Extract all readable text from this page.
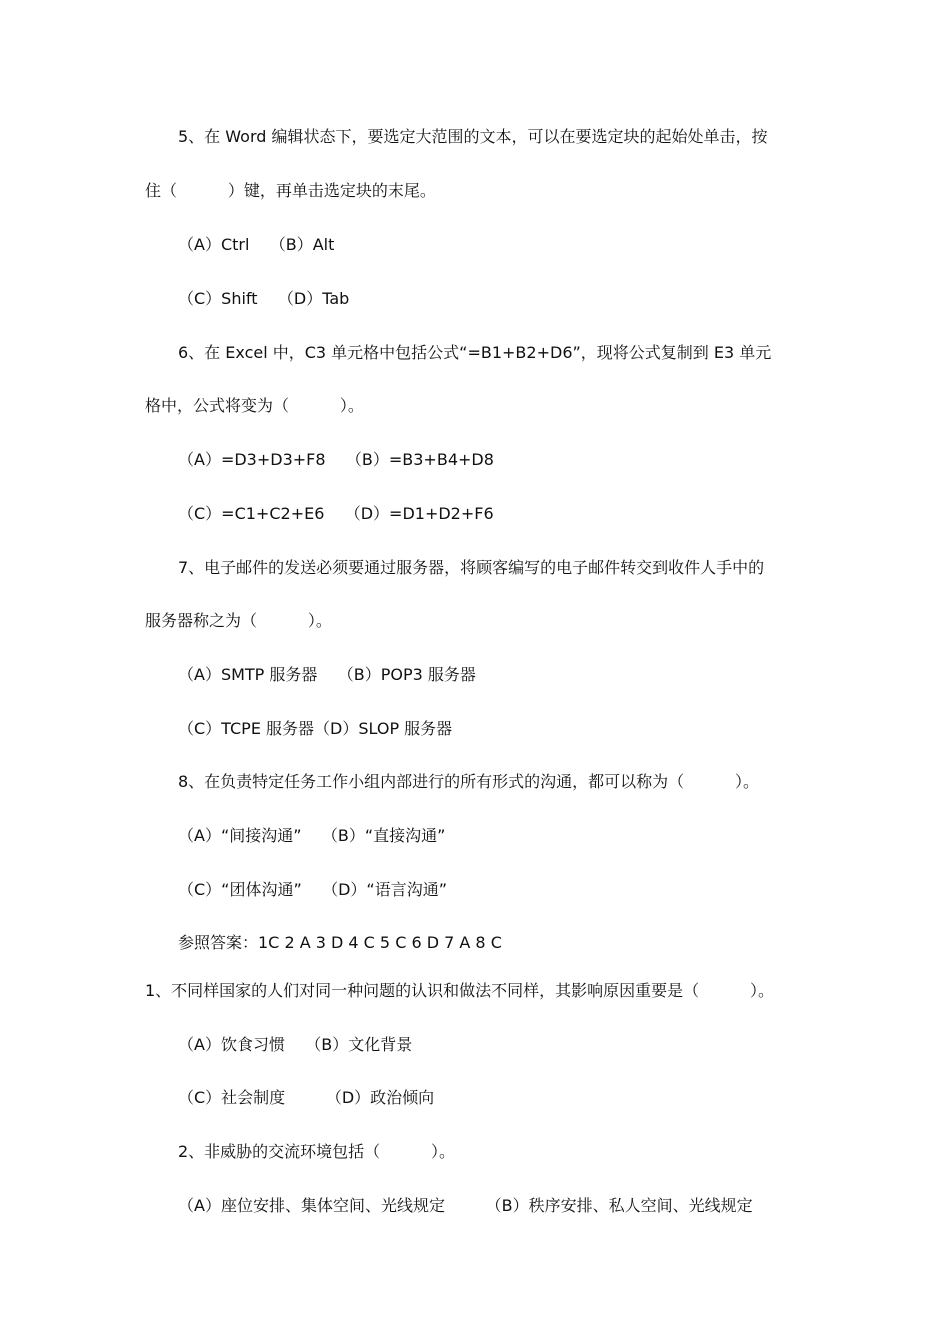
5、在 Word 编辑状态下，要选定大范围的文本，可以在要选定块的起始处单击，按
住（          ）键，再单击选定块的末尾。
（A）Ctrl    （B）Alt
（C）Shift    （D）Tab
6、在 Excel 中，C3 单元格中包括公式“=B1+B2+D6”，现将公式复制到 E3 单元
格中，公式将变为（          ）。
（A）=D3+D3+F8    （B）=B3+B4+D8
（C）=C1+C2+E6    （D）=D1+D2+F6
7、电子邮件的发送必须要通过服务器，将顾客编写的电子邮件转交到收件人手中的
服务器称之为（          ）。
（A）SMTP 服务器    （B）POP3 服务器
（C）TCPE 服务器（D）SLOP 服务器
8、在负责特定任务工作小组内部进行的所有形式的沟通，都可以称为（          ）。
（A）“间接沟通”    （B）“直接沟通”
（C）“团体沟通”    （D）“语言沟通”
参照答案：1C 2 A 3 D 4 C 5 C 6 D 7 A 8 C
1、不同样国家的人们对同一种问题的认识和做法不同样，其影响原因重要是（          ）。
（A）饮食习惯    （B）文化背景
（C）社会制度        （D）政治倾向
2、非威胁的交流环境包括（          ）。
（A）座位安排、集体空间、光线规定        （B）秩序安排、私人空间、光线规定
